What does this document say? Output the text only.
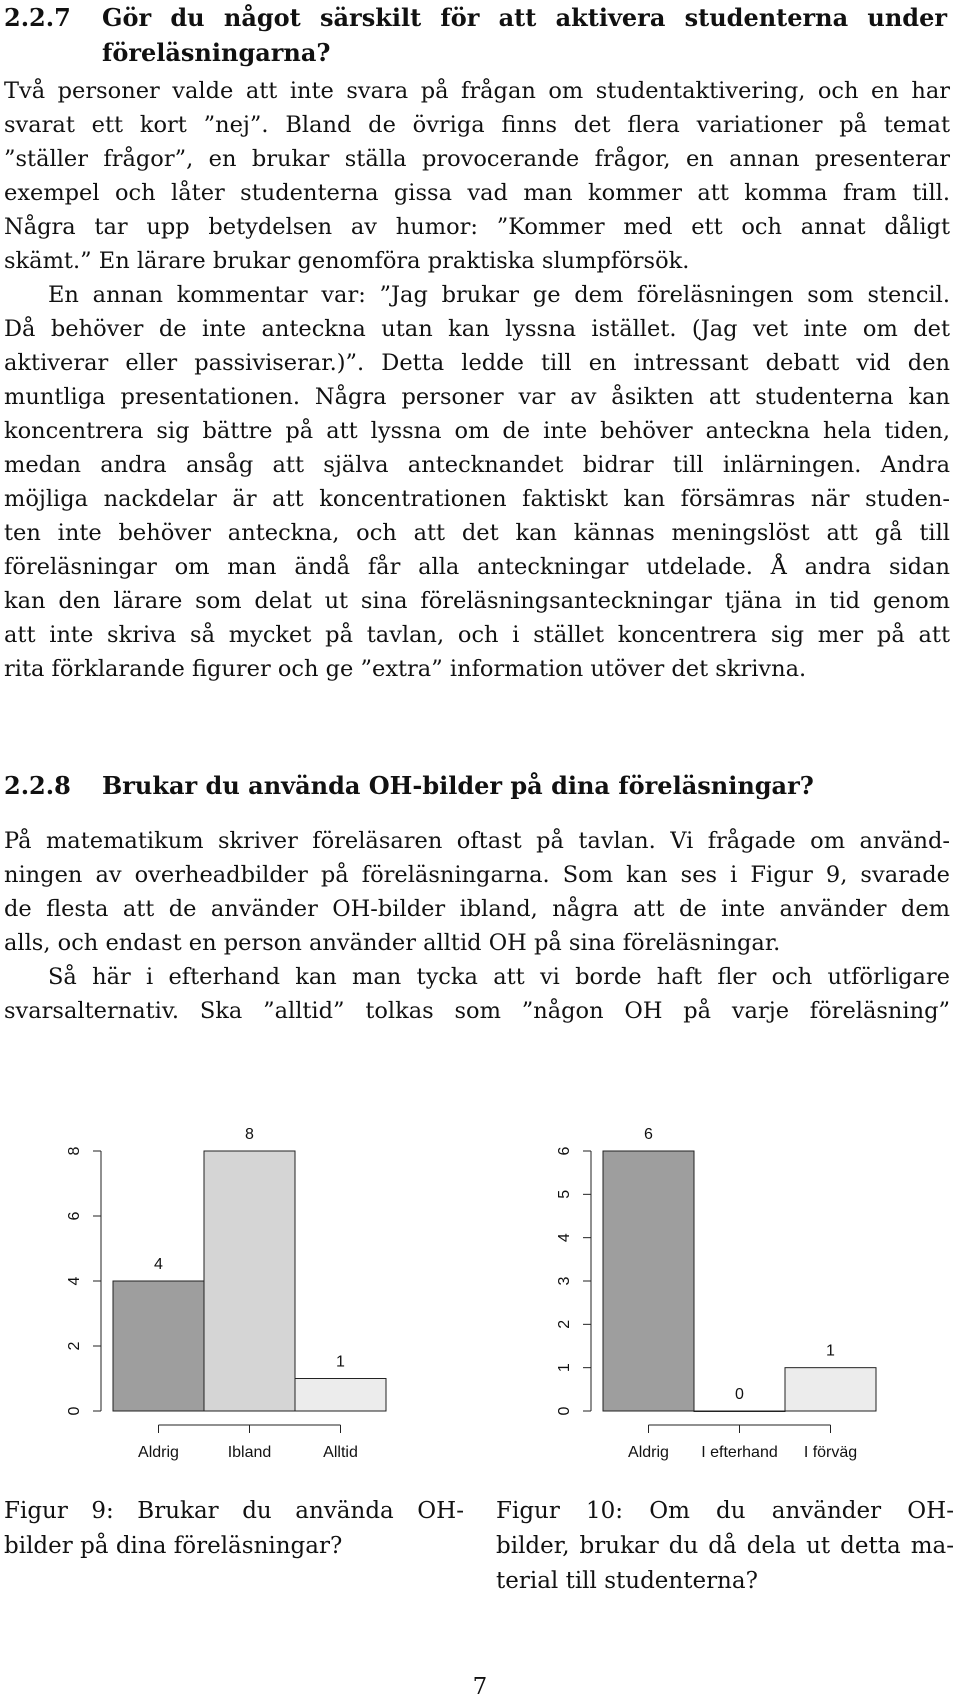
2.2.7 Gör du något särskilt för att aktivera studenterna under
föreläsningarna?
Två personer valde att inte svara på frågan om studentaktivering, och en har
svarat ett kort ”nej”. Bland de övriga finns det flera variationer på temat
”ställer frågor”, en brukar ställa provocerande frågor, en annan presenterar
exempel och låter studenterna gissa vad man kommer att komma fram till.
Några tar upp betydelsen av humor: ”Kommer med ett och annat dåligt
skämt.” En lärare brukar genomföra praktiska slumpförsök.
En annan kommentar var: ”Jag brukar ge dem föreläsningen som stencil.
Då behöver de inte anteckna utan kan lyssna istället. (Jag vet inte om det
aktiverar eller passiviserar.)”. Detta ledde till en intressant debatt vid den
muntliga presentationen. Några personer var av åsikten att studenterna kan
koncentrera sig bättre på att lyssna om de inte behöver anteckna hela tiden,
medan andra ansåg att själva antecknandet bidrar till inlärningen. Andra
möjliga nackdelar är att koncentrationen faktiskt kan försämras när studen-
ten inte behöver anteckna, och att det kan kännas meningslöst att gå till
föreläsningar om man ändå får alla anteckningar utdelade. Å andra sidan
kan den lärare som delat ut sina föreläsningsanteckningar tjäna in tid genom
att inte skriva så mycket på tavlan, och i stället koncentrera sig mer på att
rita förklarande figurer och ge ”extra” information utöver det skrivna.
2.2.8 Brukar du använda OH-bilder på dina föreläsningar?
På matematikum skriver föreläsaren oftast på tavlan. Vi frågade om använd-
ningen av overheadbilder på föreläsningarna. Som kan ses i Figur 9, svarade
de flesta att de använder OH-bilder ibland, några att de inte använder dem
alls, och endast en person använder alltid OH på sina föreläsningar.
Så här i efterhand kan man tycka att vi borde haft fler och utförligare
svarsalternativ. Ska ”alltid” tolkas som ”någon OH på varje föreläsning”
0
2
4
6
8
4
Aldrig
8
Ibland
1
Alltid
0
1
2
3
4
5
6
6
Aldrig
0
I efterhand
1
I förväg
Figur 9: Brukar du använda OH-
bilder på dina föreläsningar?
Figur 10: Om du använder OH-
bilder, brukar du då dela ut detta ma-
terial till studenterna?
7
